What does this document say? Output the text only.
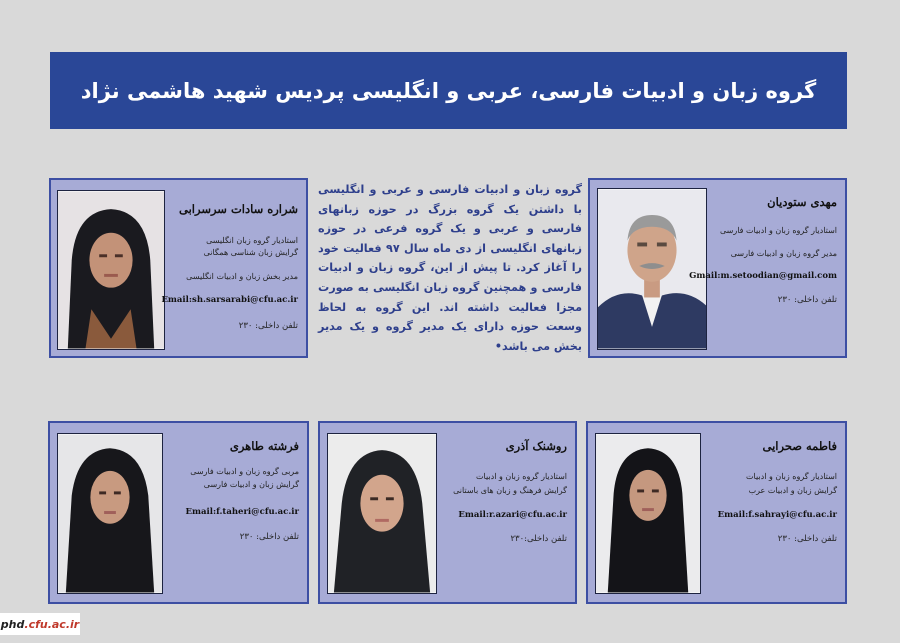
گروه زبان و ادبیات فارسی، عربی و انگلیسی پردیس شهید هاشمی نژاد
مهدی ستودیان
استادیار گروه زبان و ادبیات فارسی
مدیر گروه زبان و ادبیات فارسی
Gmail:m.setoodian@gmail.com
تلفن داخلی: ۲۳۰
شراره سادات سرسرابی
استادیار گروه زبان انگلیسی
گرایش زبان شناسی همگانی
مدیر بخش زبان و ادبیات انگلیسی
Email:sh.sarsarabi@cfu.ac.ir
تلفن داخلی: ۲۳۰
گروه زبان و ادبیات فارسی و عربی و انگلیسی با داشتن یک گروه بزرگ در حوزه زبانهای فارسی و عربی و یک گروه فرعی در حوزه زبانهای انگلیسی از دی ماه سال ۹۷ فعالیت خود را آغاز کرد. تا پیش از این، گروه زبان و ادبیات فارسی و همچنین گروه زبان انگلیسی به صورت مجزا فعالیت داشته اند. این گروه به لحاظ وسعت حوزه دارای یک مدیر گروه و یک مدیر بخش می باشد•
فاطمه صحرایی
استادیار گروه زبان و ادبیات
گرایش زبان و ادبیات عرب
Email:f.sahrayi@cfu.ac.ir
تلفن داخلی: ۲۳۰
روشنک آذری
استادیار گروه زبان و ادبیات
گرایش فرهنگ و زبان های باستانی
Email:r.azari@cfu.ac.ir
تلفن داخلی:۲۳۰
فرشته طاهری
مربی گروه زبان و ادبیات فارسی
گرایش زبان و ادبیات فارسی
Email:f.taheri@cfu.ac.ir
تلفن داخلی: ۲۳۰
phd .cfu.ac.ir
